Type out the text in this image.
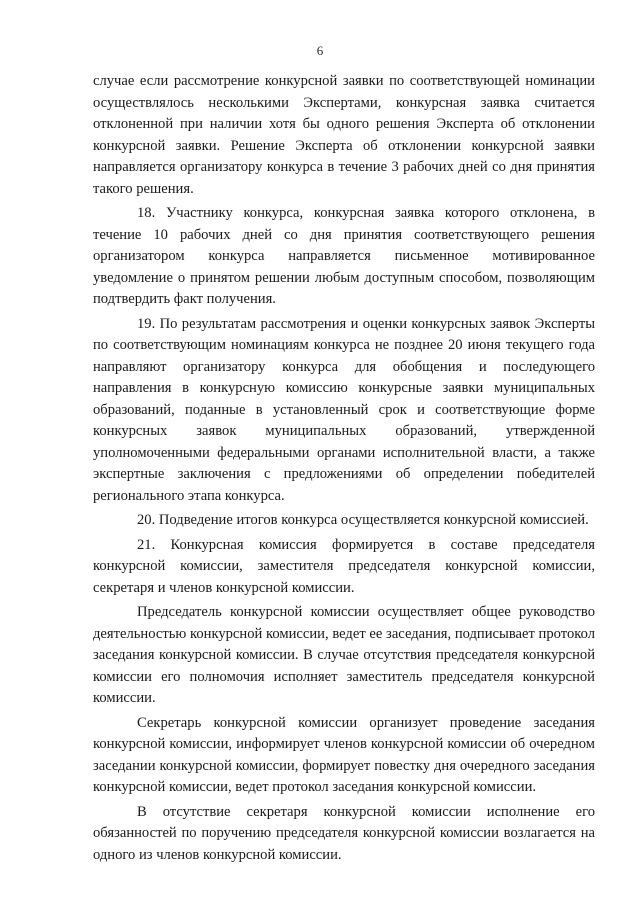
6

случае если рассмотрение конкурсной заявки по соответствующей номинации осуществлялось несколькими Экспертами, конкурсная заявка считается отклоненной при наличии хотя бы одного решения Эксперта об отклонении конкурсной заявки. Решение Эксперта об отклонении конкурсной заявки направляется организатору конкурса в течение 3 рабочих дней со дня принятия такого решения.

18. Участнику конкурса, конкурсная заявка которого отклонена, в течение 10 рабочих дней со дня принятия соответствующего решения организатором конкурса направляется письменное мотивированное уведомление о принятом решении любым доступным способом, позволяющим подтвердить факт получения.

19. По результатам рассмотрения и оценки конкурсных заявок Эксперты по соответствующим номинациям конкурса не позднее 20 июня текущего года направляют организатору конкурса для обобщения и последующего направления в конкурсную комиссию конкурсные заявки муниципальных образований, поданные в установленный срок и соответствующие форме конкурсных заявок муниципальных образований, утвержденной уполномоченными федеральными органами исполнительной власти, а также экспертные заключения с предложениями об определении победителей регионального этапа конкурса.

20. Подведение итогов конкурса осуществляется конкурсной комиссией.

21. Конкурсная комиссия формируется в составе председателя конкурсной комиссии, заместителя председателя конкурсной комиссии, секретаря и членов конкурсной комиссии.

Председатель конкурсной комиссии осуществляет общее руководство деятельностью конкурсной комиссии, ведет ее заседания, подписывает протокол заседания конкурсной комиссии. В случае отсутствия председателя конкурсной комиссии его полномочия исполняет заместитель председателя конкурсной комиссии.

Секретарь конкурсной комиссии организует проведение заседания конкурсной комиссии, информирует членов конкурсной комиссии об очередном заседании конкурсной комиссии, формирует повестку дня очередного заседания конкурсной комиссии, ведет протокол заседания конкурсной комиссии.

В отсутствие секретаря конкурсной комиссии исполнение его обязанностей по поручению председателя конкурсной комиссии возлагается на одного из членов конкурсной комиссии.
